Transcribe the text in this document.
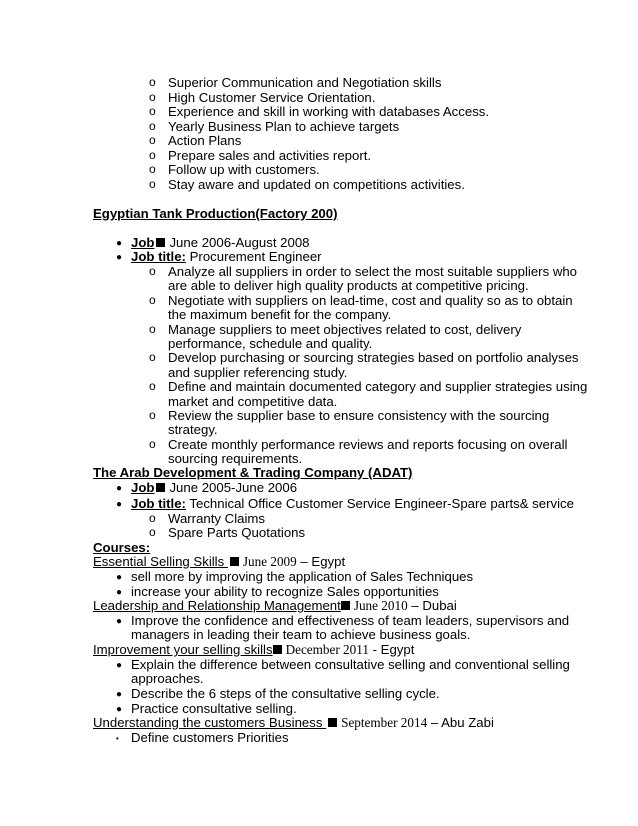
o Superior Communication and Negotiation skills
o High Customer Service Orientation.
o Experience and skill in working with databases Access.
o Yearly Business Plan to achieve targets
o Action Plans
o Prepare sales and activities report.
o Follow up with customers.
o Stay aware and updated on competitions activities.
Egyptian Tank Production(Factory 200)
● Job June 2006-August 2008
● Job title: Procurement Engineer
o Analyze all suppliers in order to select the most suitable suppliers who
are able to deliver high quality products at competitive pricing.
o Negotiate with suppliers on lead-time, cost and quality so as to obtain
the maximum benefit for the company.
o Manage suppliers to meet objectives related to cost, delivery
performance, schedule and quality.
o Develop purchasing or sourcing strategies based on portfolio analyses
and supplier referencing study.
o Define and maintain documented category and supplier strategies using
market and competitive data.
o Review the supplier base to ensure consistency with the sourcing
strategy.
o Create monthly performance reviews and reports focusing on overall
sourcing requirements.
The Arab Development & Trading Company (ADAT)
● Job June 2005-June 2006
● Job title: Technical Office Customer Service Engineer-Spare parts& service
o Warranty Claims
o Spare Parts Quotations
Courses:
Essential Selling Skills June 2009 – Egypt
● sell more by improving the application of Sales Techniques
● increase your ability to recognize Sales opportunities
Leadership and Relationship Management June 2010 – Dubai
● Improve the confidence and effectiveness of team leaders, supervisors and
managers in leading their team to achieve business goals.
Improvement your selling skills December 2011 - Egypt
● Explain the difference between consultative selling and conventional selling
approaches.
● Describe the 6 steps of the consultative selling cycle.
● Practice consultative selling.
Understanding the customers Business September 2014 – Abu Zabi
• Define customers Priorities
